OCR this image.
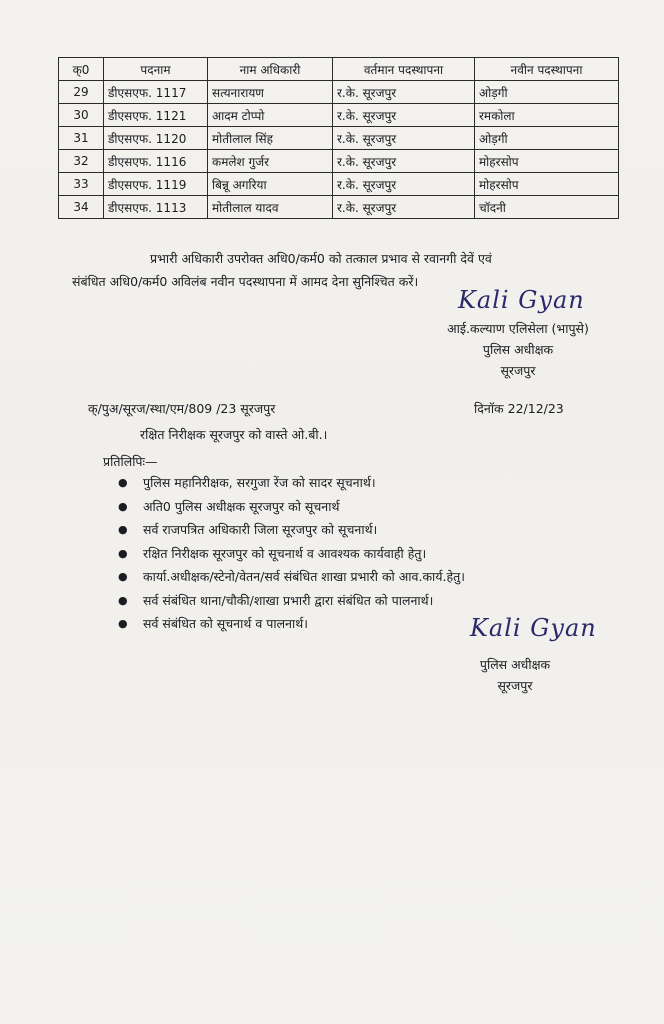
क्0	पदनाम	नाम अधिकारी	वर्तमान पदस्थापना	नवीन पदस्थापना
29	डीएसएफ. 1117	सत्यनारायण	र.के. सूरजपुर	ओड़गी
30	डीएसएफ. 1121	आदम टोप्पो	र.के. सूरजपुर	रमकोला
31	डीएसएफ. 1120	मोतीलाल सिंह	र.के. सूरजपुर	ओड़गी
32	डीएसएफ. 1116	कमलेश गुर्जर	र.के. सूरजपुर	मोहरसोप
33	डीएसएफ. 1119	बिन्नू अगरिया	र.के. सूरजपुर	मोहरसोप
34	डीएसएफ. 1113	मोतीलाल यादव	र.के. सूरजपुर	चॉदनी
प्रभारी अधिकारी उपरोक्त अधि0/कर्म0 को तत्काल प्रभाव से रवानगी देवें एवं
संबंधित अधि0/कर्म0 अविलंब नवीन पदस्थापना में आमद देना सुनिश्चित करें।
Kali Gyan
आई.कल्याण एलिसेला (भापुसे)
पुलिस अधीक्षक
सूरजपुर
क्/पुअ/सूरज/स्था/एम/809 /23 सूरजपुर	दिनॉक 22/12/23
रक्षित निरीक्षक सूरजपुर को वास्ते ओ.बी.।
प्रतिलिपिः—
● पुलिस महानिरीक्षक, सरगुजा रेंज को सादर सूचनार्थ।
● अति0 पुलिस अधीक्षक सूरजपुर को सूचनार्थ
● सर्व राजपत्रित अधिकारी जिला सूरजपुर को सूचनार्थ।
● रक्षित निरीक्षक सूरजपुर को सूचनार्थ व आवश्यक कार्यवाही हेतु।
● कार्या.अधीक्षक/स्टेनो/वेतन/सर्व संबंधित शाखा प्रभारी को आव.कार्य.हेतु।
● सर्व संबंधित थाना/चौकी/शाखा प्रभारी द्वारा संबंधित को पालनार्थ।
● सर्व संबंधित को सूचनार्थ व पालनार्थ।	Kali Gyan
पुलिस अधीक्षक
सूरजपुर
